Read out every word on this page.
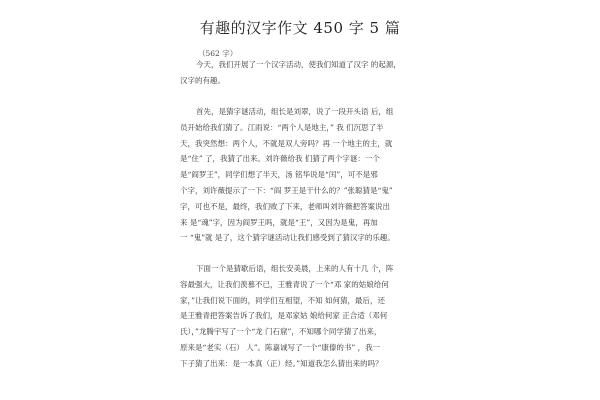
有趣的汉字作文 450 字 5 篇
（562 字）
今天，我们开展了一个汉字活动，使我们知道了汉字 的起源，
汉字的有趣。
首先，是猜字谜活动，组长是刘翠，说了一段开头语 后，组
员开始给我们猜了。江雨说：“两个人是地主，” 我 们沉思了半
天，我突然想：两个人，不就是双人旁吗？再 一个地主的主，就
是“住” 了，我猜了出来。刘许薇给我 们猜了两个字谜：一个
是“阎罗王”，同学们想了半天，汤 铭华说是“闰”，可不是邪
个字，刘许薇提示了一下：“阎 罗王是干什么的？”张聪猜是“鬼”
字，可也不是，最终，我们败了下来，老师叫刘许薇把答案说出
来 是“魂”字，因为阎罗王吗，就是“王”，又因为是鬼，再加
一 “鬼”就 是了，这个猜字谜活动让我们感受到了猜汉字的乐趣。
下面一个是猜歇后语，组长安美晨，上来的人有十几 个，阵
容最强大，让我们羡慕不已，王雅青说了一个“邓 家的姑娘给何
家，”让我们说下面的，同学们互相望，不知 如何猜，最后，还
是王雅青把答案告诉了我们，是邓家姑 娘给何家 正合适（邓何
氏），”龙腾宇写了一个“龙 门石窟”，不知哪个同学猜了出来，
原来是“老实（石） 人”。陈嘉诚写了一个“康傣的书” ，我一
下子猜了出来：是一本真（正）经。”知道我怎么猜出来的吗？
